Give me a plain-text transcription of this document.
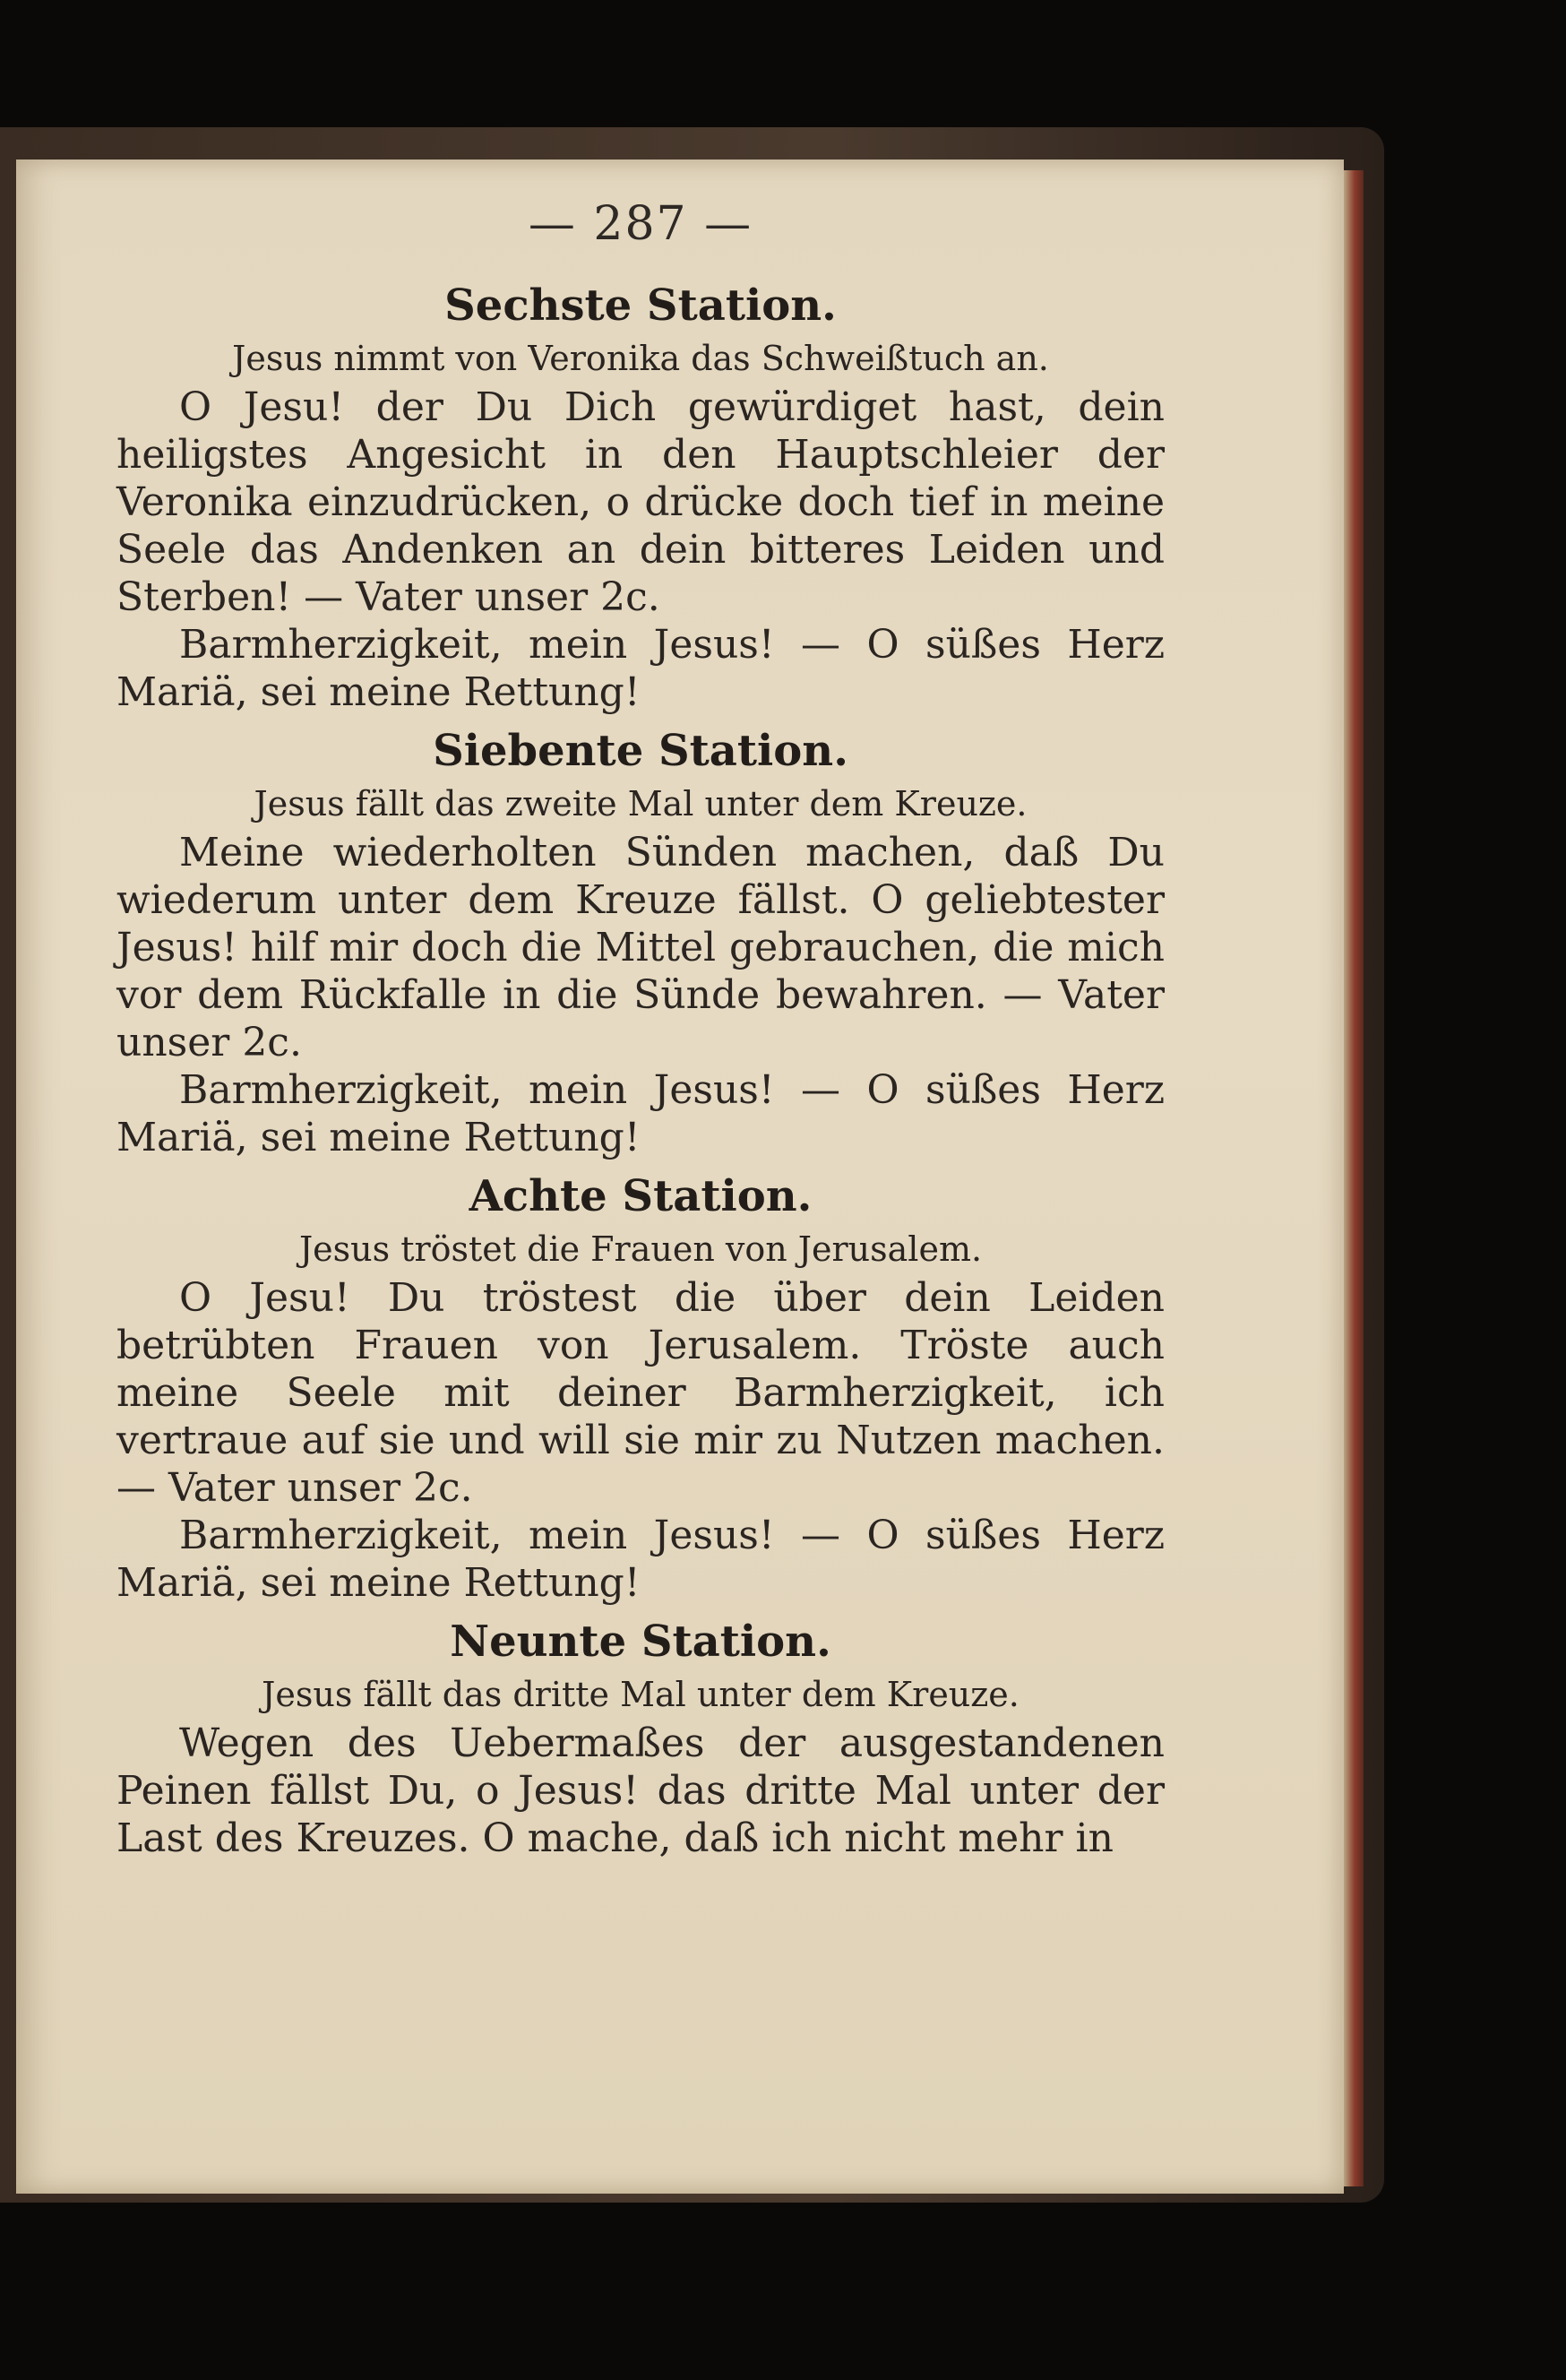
— 287 —

Sechste Station.

Jesus nimmt von Veronika das Schweißtuch an.

O Jesu! der Du Dich gewürdiget hast, dein heiligstes Angesicht in den Hauptschleier der Veronika einzudrücken, o drücke doch tief in meine Seele das Andenken an dein bitteres Leiden und Sterben! — Vater unser 2c.

Barmherzigkeit, mein Jesus! — O süßes Herz Mariä, sei meine Rettung!

Siebente Station.

Jesus fällt das zweite Mal unter dem Kreuze.

Meine wiederholten Sünden machen, daß Du wiederum unter dem Kreuze fällst. O geliebtester Jesus! hilf mir doch die Mittel gebrauchen, die mich vor dem Rückfalle in die Sünde bewahren. — Vater unser 2c.

Barmherzigkeit, mein Jesus! — O süßes Herz Mariä, sei meine Rettung!

Achte Station.

Jesus tröstet die Frauen von Jerusalem.

O Jesu! Du tröstest die über dein Leiden betrübten Frauen von Jerusalem. Tröste auch meine Seele mit deiner Barmherzigkeit, ich vertraue auf sie und will sie mir zu Nutzen machen. — Vater unser 2c.

Barmherzigkeit, mein Jesus! — O süßes Herz Mariä, sei meine Rettung!

Neunte Station.

Jesus fällt das dritte Mal unter dem Kreuze.

Wegen des Uebermaßes der ausgestandenen Peinen fällst Du, o Jesus! das dritte Mal unter der Last des Kreuzes. O mache, daß ich nicht mehr in
